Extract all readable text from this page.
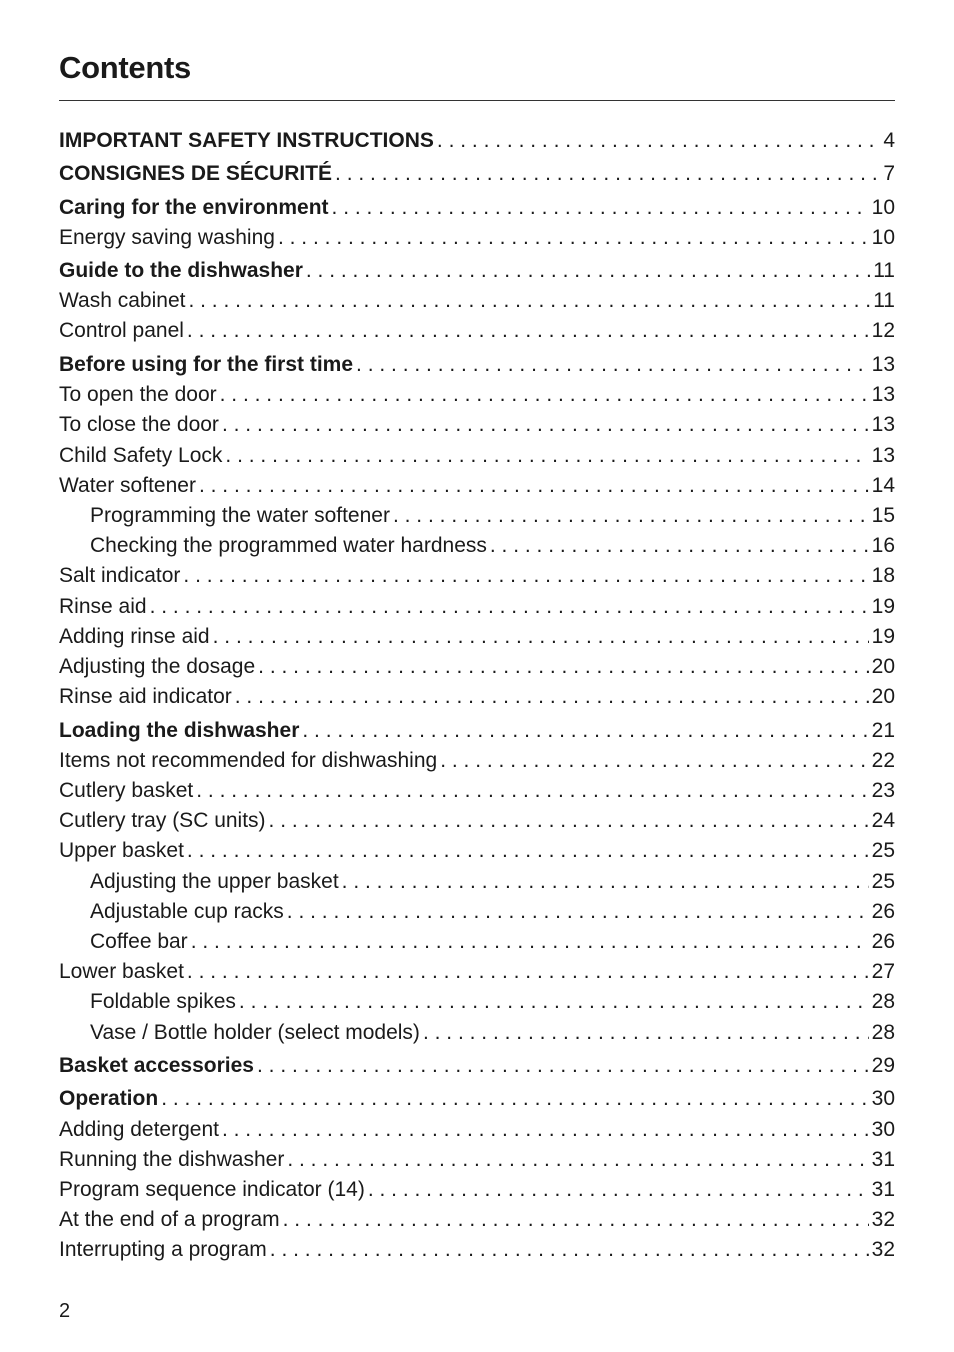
Contents
IMPORTANT SAFETY INSTRUCTIONS . . .	4
CONSIGNES DE SÉCURITÉ . . .	7
Caring for the environment . . .	10
Energy saving washing . . .	10
Guide to the dishwasher . . .	11
Wash cabinet . . .	11
Control panel . . .	12
Before using for the first time . . .	13
To open the door . . .	13
To close the door . . .	13
Child Safety Lock . . .	13
Water softener . . .	14
Programming the water softener . . .	15
Checking the programmed water hardness . . .	16
Salt indicator . . .	18
Rinse aid . . .	19
Adding rinse aid . . .	19
Adjusting the dosage . . .	20
Rinse aid indicator . . .	20
Loading the dishwasher . . .	21
Items not recommended for dishwashing . . .	22
Cutlery basket . . .	23
Cutlery tray (SC units) . . .	24
Upper basket . . .	25
Adjusting the upper basket . . .	25
Adjustable cup racks . . .	26
Coffee bar . . .	26
Lower basket . . .	27
Foldable spikes . . .	28
Vase / Bottle holder (select models) . . .	28
Basket accessories . . .	29
Operation . . .	30
Adding detergent . . .	30
Running the dishwasher . . .	31
Program sequence indicator (14) . . .	31
At the end of a program . . .	32
Interrupting a program . . .	32
2
